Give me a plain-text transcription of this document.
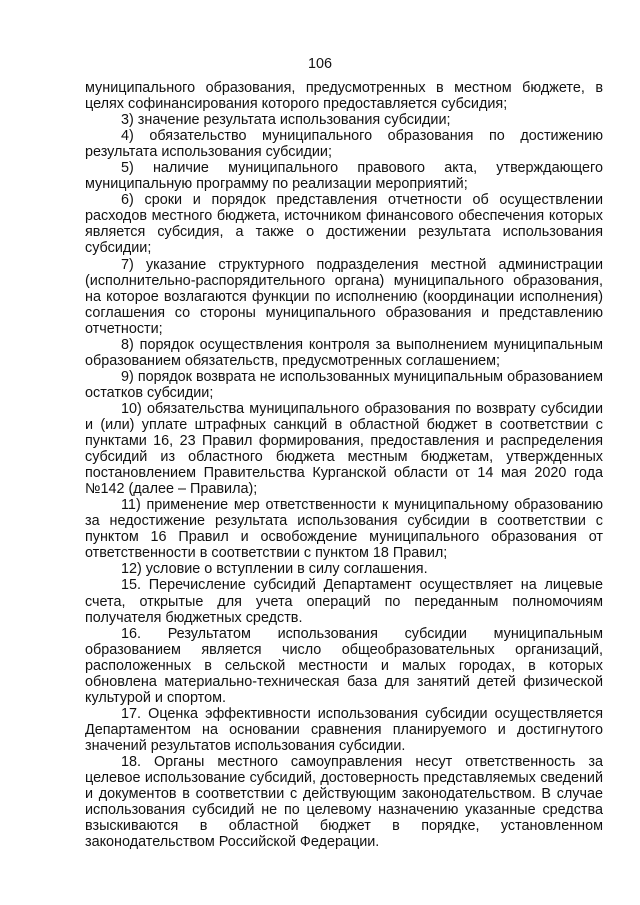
106

муниципального образования, предусмотренных в местном бюджете, в целях софинансирования которого предоставляется субсидия;

3) значение результата использования субсидии;

4) обязательство муниципального образования по достижению результата использования субсидии;

5) наличие муниципального правового акта, утверждающего муниципальную программу по реализации мероприятий;

6) сроки и порядок представления отчетности об осуществлении расходов местного бюджета, источником финансового обеспечения которых является субсидия, а также о достижении результата использования субсидии;

7) указание структурного подразделения местной администрации (исполнительно-распорядительного органа) муниципального образования, на которое возлагаются функции по исполнению (координации исполнения) соглашения со стороны муниципального образования и представлению отчетности;

8) порядок осуществления контроля за выполнением муниципальным образованием обязательств, предусмотренных соглашением;

9) порядок возврата не использованных муниципальным образованием остатков субсидии;

10) обязательства муниципального образования по возврату субсидии и (или) уплате штрафных санкций в областной бюджет в соответствии с пунктами 16, 23 Правил формирования, предоставления и распределения субсидий из областного бюджета местным бюджетам, утвержденных постановлением Правительства Курганской области от 14 мая 2020 года №142 (далее – Правила);

11) применение мер ответственности к муниципальному образованию за недостижение результата использования субсидии в соответствии с пунктом 16 Правил и освобождение муниципального образования от ответственности в соответствии с пунктом 18 Правил;

12) условие о вступлении в силу соглашения.

15. Перечисление субсидий Департамент осуществляет на лицевые счета, открытые для учета операций по переданным полномочиям получателя бюджетных средств.

16. Результатом использования субсидии муниципальным образованием является число общеобразовательных организаций, расположенных в сельской местности и малых городах, в которых обновлена материально-техническая база для занятий детей физической культурой и спортом.

17. Оценка эффективности использования субсидии осуществляется Департаментом на основании сравнения планируемого и достигнутого значений результатов использования субсидии.

18. Органы местного самоуправления несут ответственность за целевое использование субсидий, достоверность представляемых сведений и документов в соответствии с действующим законодательством. В случае использования субсидий не по целевому назначению указанные средства взыскиваются в областной бюджет в порядке, установленном законодательством Российской Федерации.
